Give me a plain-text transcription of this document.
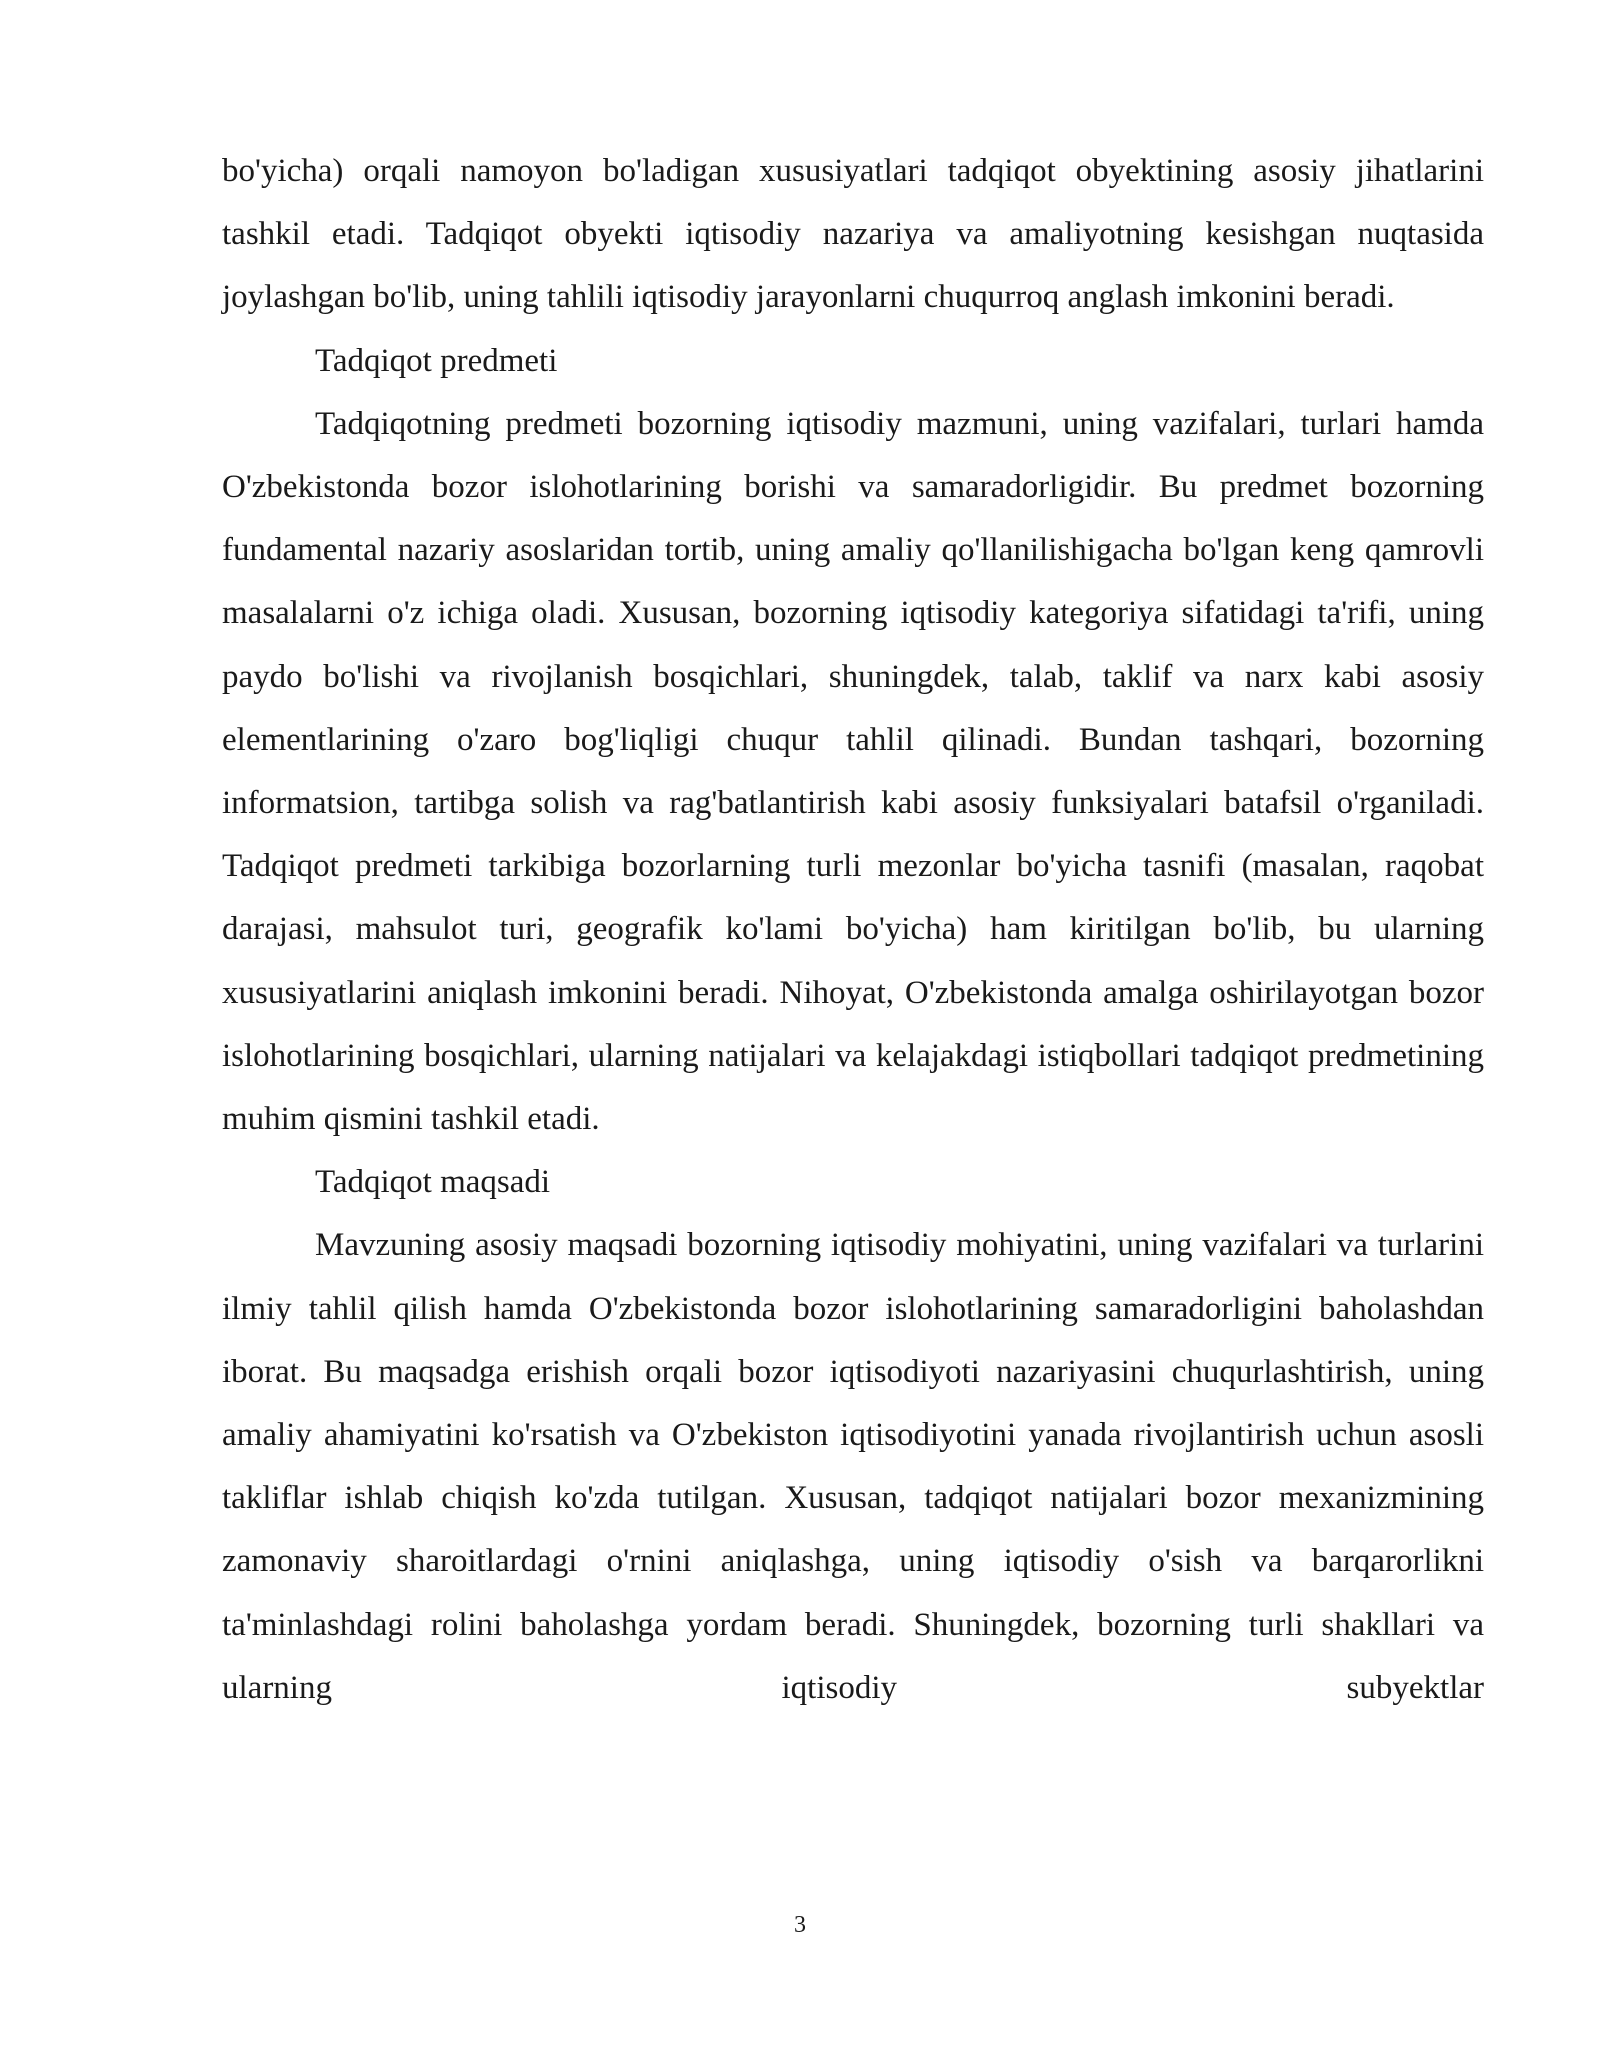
bo'yicha) orqali namoyon bo'ladigan xususiyatlari tadqiqot obyektining asosiy jihatlarini tashkil etadi. Tadqiqot obyekti iqtisodiy nazariya va amaliyotning kesishgan nuqtasida joylashgan bo'lib, uning tahlili iqtisodiy jarayonlarni chuqurroq anglash imkonini beradi.

Tadqiqot predmeti

Tadqiqotning predmeti bozorning iqtisodiy mazmuni, uning vazifalari, turlari hamda O'zbekistonda bozor islohotlarining borishi va samaradorligidir. Bu predmet bozorning fundamental nazariy asoslaridan tortib, uning amaliy qo'llanilishigacha bo'lgan keng qamrovli masalalarni o'z ichiga oladi. Xususan, bozorning iqtisodiy kategoriya sifatidagi ta'rifi, uning paydo bo'lishi va rivojlanish bosqichlari, shuningdek, talab, taklif va narx kabi asosiy elementlarining o'zaro bog'liqligi chuqur tahlil qilinadi. Bundan tashqari, bozorning informatsion, tartibga solish va rag'batlantirish kabi asosiy funksiyalari batafsil o'rganiladi. Tadqiqot predmeti tarkibiga bozorlarning turli mezonlar bo'yicha tasnifi (masalan, raqobat darajasi, mahsulot turi, geografik ko'lami bo'yicha) ham kiritilgan bo'lib, bu ularning xususiyatlarini aniqlash imkonini beradi. Nihoyat, O'zbekistonda amalga oshirilayotgan bozor islohotlarining bosqichlari, ularning natijalari va kelajakdagi istiqbollari tadqiqot predmetining muhim qismini tashkil etadi.

Tadqiqot maqsadi

Mavzuning asosiy maqsadi bozorning iqtisodiy mohiyatini, uning vazifalari va turlarini ilmiy tahlil qilish hamda O'zbekistonda bozor islohotlarining samaradorligini baholashdan iborat. Bu maqsadga erishish orqali bozor iqtisodiyoti nazariyasini chuqurlashtirish, uning amaliy ahamiyatini ko'rsatish va O'zbekiston iqtisodiyotini yanada rivojlantirish uchun asosli takliflar ishlab chiqish ko'zda tutilgan. Xususan, tadqiqot natijalari bozor mexanizmining zamonaviy sharoitlardagi o'rnini aniqlashga, uning iqtisodiy o'sish va barqarorlikni ta'minlashdagi rolini baholashga yordam beradi. Shuningdek, bozorning turli shakllari va ularning iqtisodiy subyektlar

3
